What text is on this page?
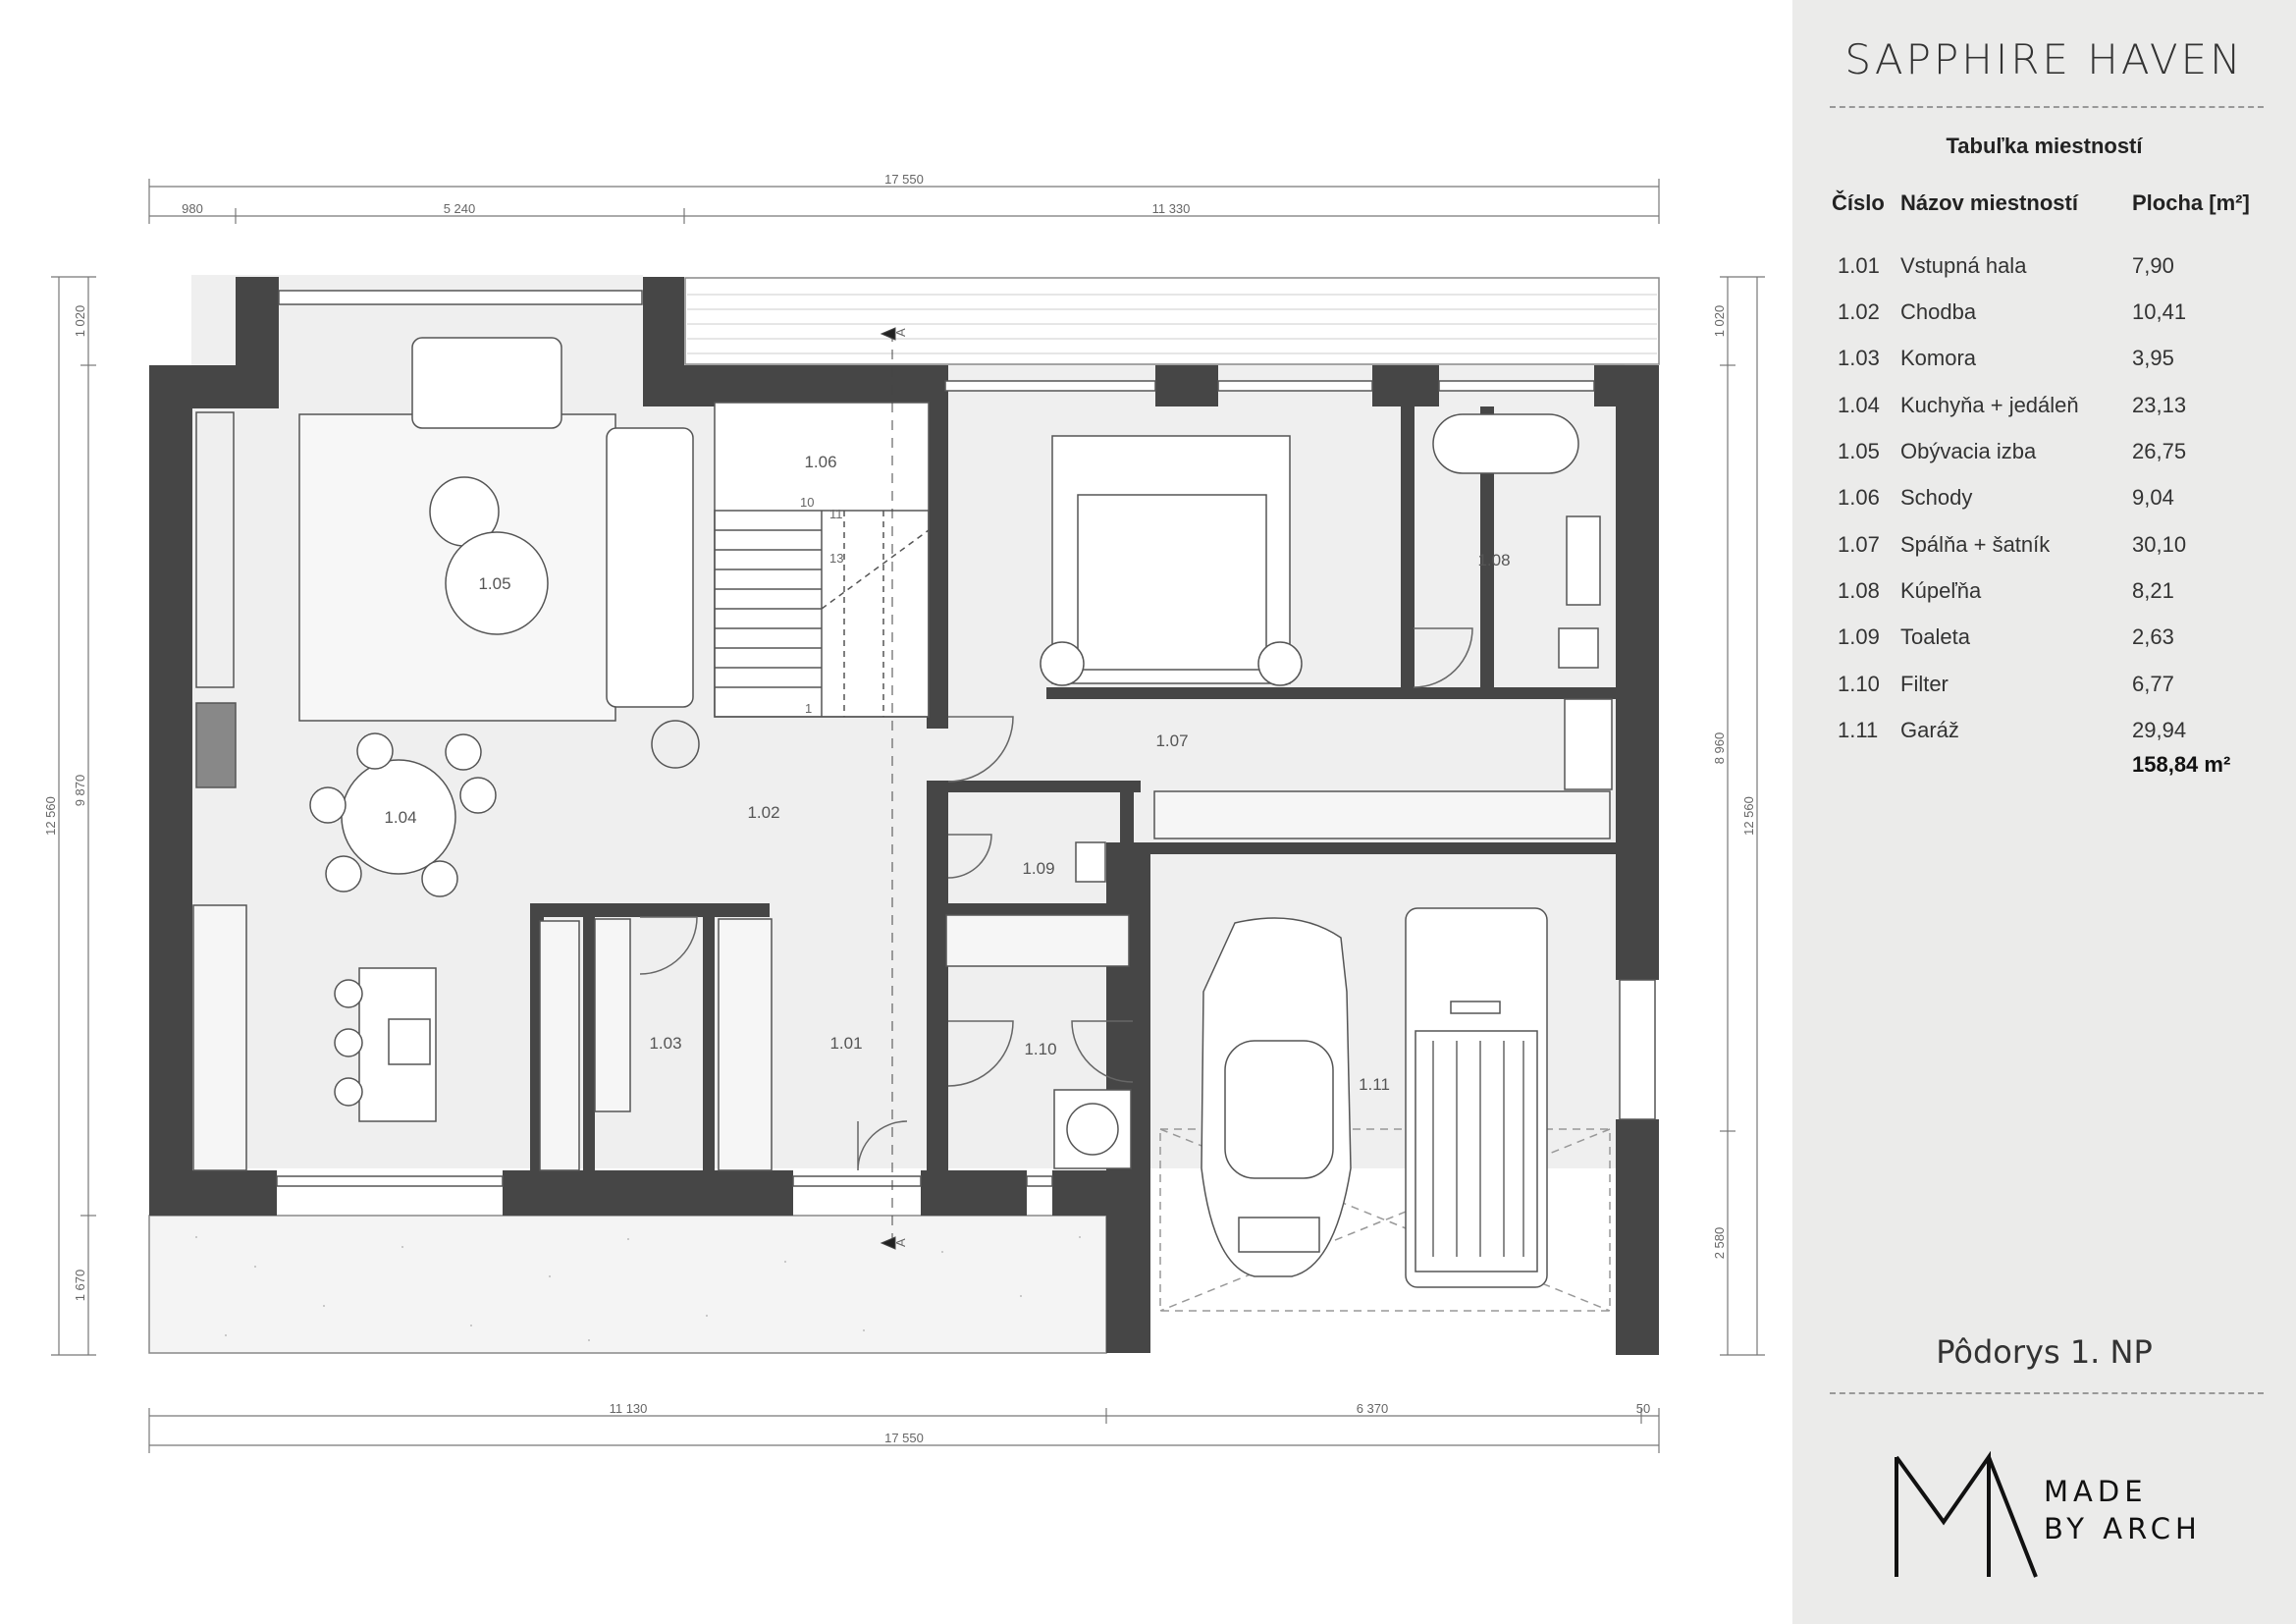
A
A
10
11
13
1
1.01
1.02
1.03
1.04
1.05
1.06
1.07
1.08
1.09
1.10
1.11
17 550
980	5 240	11 330
11 130	6 370	50
17 550
12 560
1 020
9 870
1 670
12 560
1 020
8 960
2 580
SAPPHIRE HAVEN
Tabuľka miestností
Číslo Názov miestností	Plocha [m²]
1.01 Vstupná hala	7,90
1.02 Chodba	10,41
1.03 Komora	3,95
1.04 Kuchyňa + jedáleň 23,13
1.05 Obývacia izba	26,75
1.06 Schody	9,04
1.07 Spálňa + šatník	30,10
1.08 Kúpeľňa	8,21
1.09 Toaleta	2,63
1.10 Filter	6,77
1.11 Garáž	29,94
158,84 m²
Pôdorys 1. NP
MADE
BY ARCH
